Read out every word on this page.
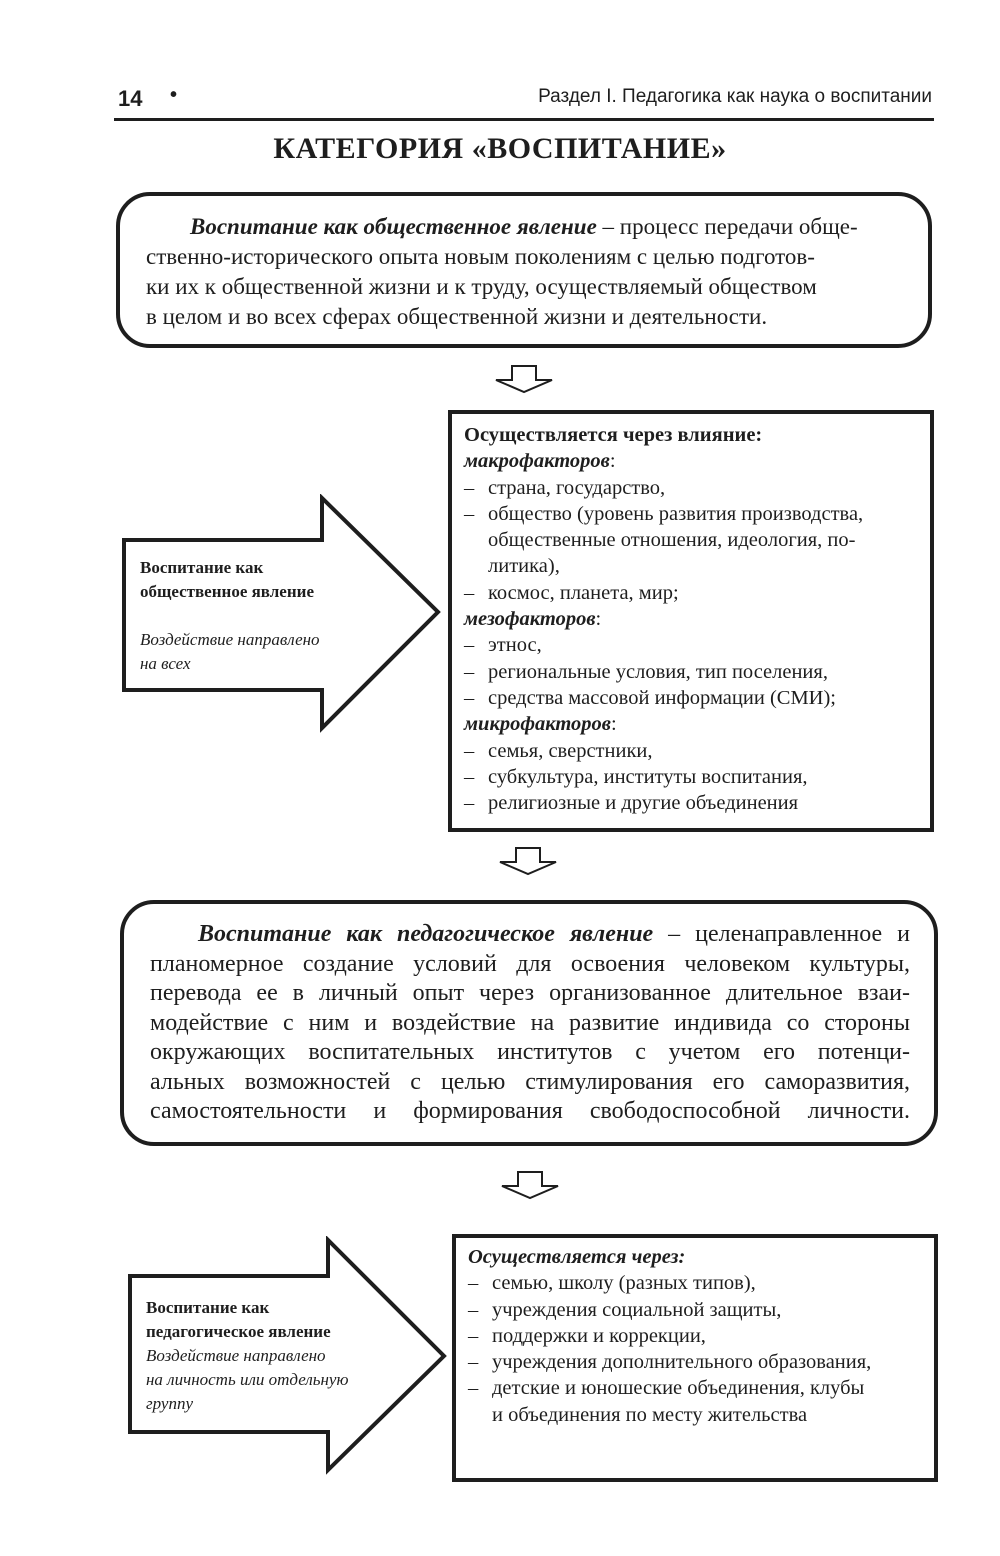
14 •	Раздел I. Педагогика как наука о воспитании
КАТЕГОРИЯ «ВОСПИТАНИЕ»
Воспитание как общественное явление – процесс передачи обще-
ственно-исторического опыта новым поколениям с целью подготов-
ки их к общественной жизни и к труду, осуществляемый обществом
в целом и во всех сферах общественной жизни и деятельности.
Воспитание как
общественное явление
Воздействие направлено
на всех
Осуществляется через влияние:
макрофакторов:
– страна, государство,
– общество (уровень развития производства,
общественные отношения, идеология, по-
литика),
– космос, планета, мир;
мезофакторов:
– этнос,
– региональные условия, тип поселения,
– средства массовой информации (СМИ);
микрофакторов:
– семья, сверстники,
– субкультура, институты воспитания,
– религиозные и другие объединения
Воспитание как педагогическое явление – целенаправленное и
планомерное создание условий для освоения человеком культуры,
перевода ее в личный опыт через организованное длительное взаи-
модействие с ним и воздействие на развитие индивида со стороны
окружающих воспитательных институтов с учетом его потенци-
альных возможностей с целью стимулирования его саморазвития,
самостоятельности и формирования свободоспособной личности.
Воспитание как
педагогическое явление
Воздействие направлено
на личность или отдельную
группу
Осуществляется через:
– семью, школу (разных типов),
– учреждения социальной защиты,
– поддержки и коррекции,
– учреждения дополнительного образования,
– детские и юношеские объединения, клубы
и объединения по месту жительства
